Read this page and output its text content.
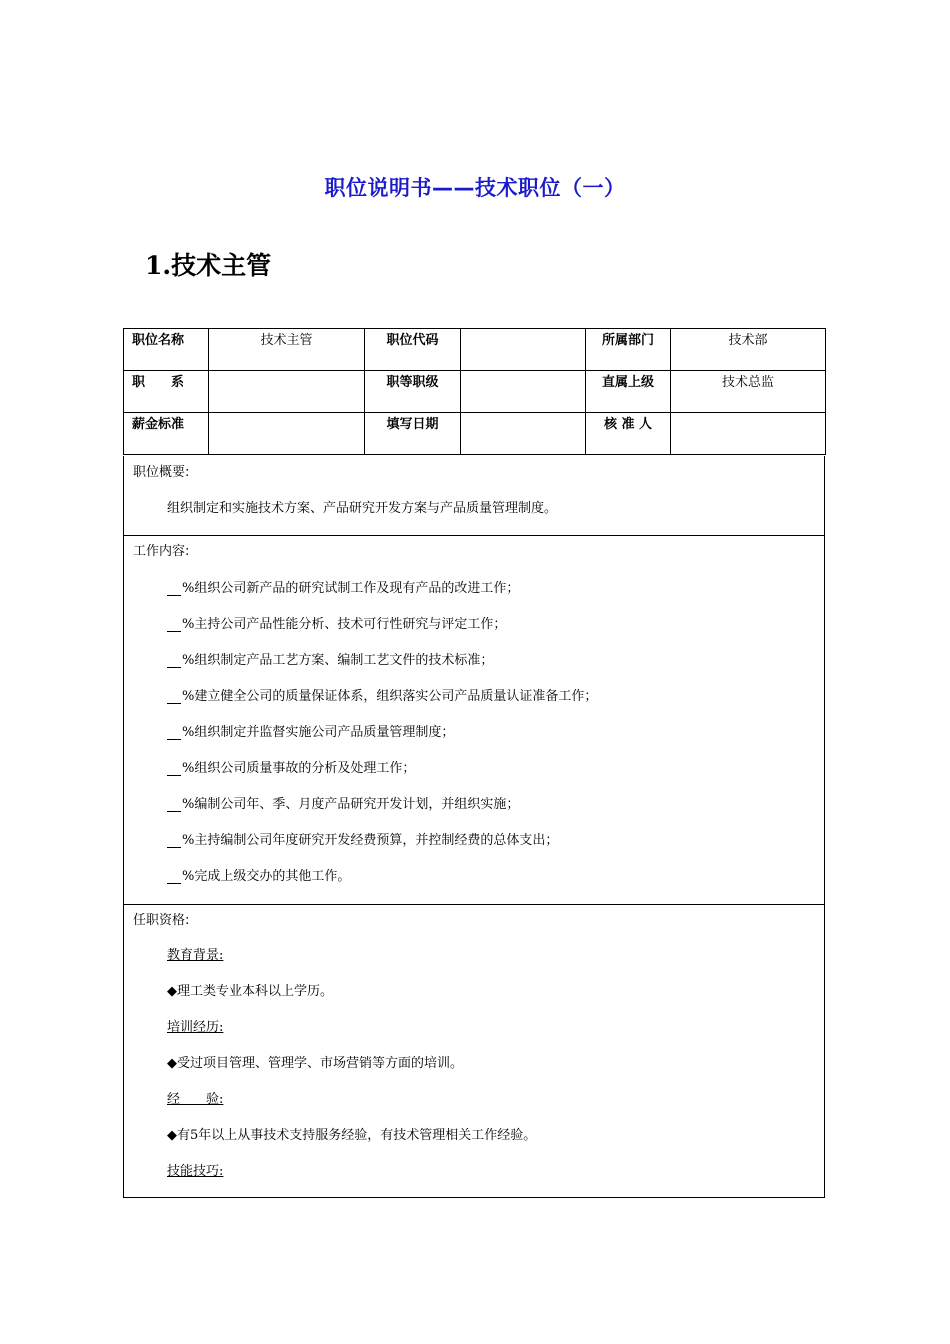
职位说明书——技术职位（一）
1.技术主管
职位名称	技术主管	职位代码		所属部门	技术部
职　　系		职等职级		直属上级	技术总监
薪金标准		填写日期		核 准 人	
职位概要:
组织制定和实施技术方案、产品研究开发方案与产品质量管理制度。
工作内容:
%组织公司新产品的研究试制工作及现有产品的改进工作；
%主持公司产品性能分析、技术可行性研究与评定工作；
%组织制定产品工艺方案、编制工艺文件的技术标准；
%建立健全公司的质量保证体系，组织落实公司产品质量认证准备工作；
%组织制定并监督实施公司产品质量管理制度；
%组织公司质量事故的分析及处理工作；
%编制公司年、季、月度产品研究开发计划，并组织实施；
%主持编制公司年度研究开发经费预算，并控制经费的总体支出；
%完成上级交办的其他工作。
任职资格:
教育背景:
◆理工类专业本科以上学历。
培训经历:
◆受过项目管理、管理学、市场营销等方面的培训。
经　　验:
◆有5年以上从事技术支持服务经验，有技术管理相关工作经验。
技能技巧:
